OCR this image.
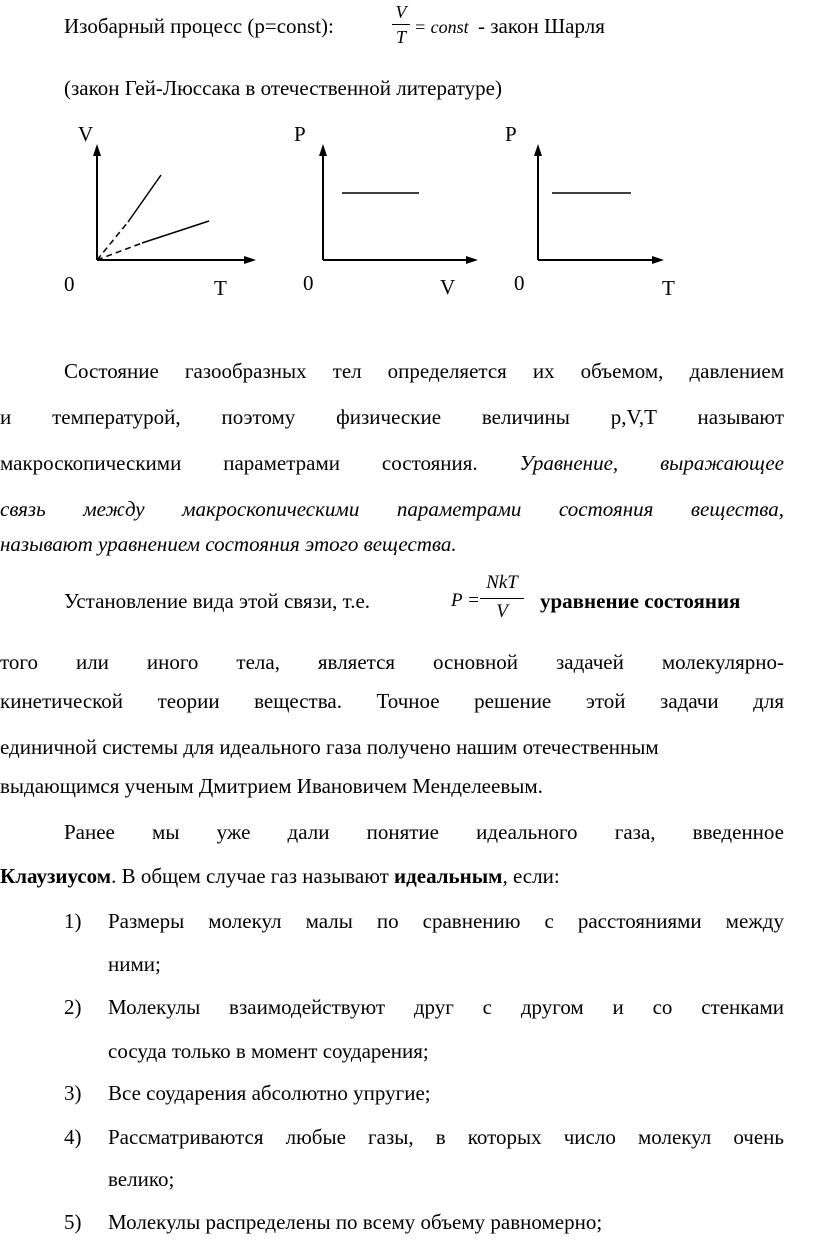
Изобарный процесс (p=const):
V
T = const - закон Шарля
(закон Гей-Люссака в отечественной литературе)
V
0	T
P
0	V
P
0	T
Состояние газообразных тел определяется их объемом, давлением
и температурой, поэтому физические величины p,V,T называют
макроскопическими параметрами состояния. Уравнение, выражающее
связь между макроскопическими параметрами состояния вещества,
называют уравнением состояния этого вещества.
Установление вида этой связи, т.е.	P =
NkT
V	уравнение состояния
того или иного тела, является основной задачей молекулярно-
кинетической теории вещества. Точное решение этой задачи для
единичной системы для идеального газа получено нашим отечественным
выдающимся ученым Дмитрием Ивановичем Менделеевым.
Ранее мы уже дали понятие идеального газа, введенное
Клаузиусом. В общем случае газ называют идеальным, если:
1) Размеры молекул малы по сравнению с расстояниями между
ними;
2) Молекулы взаимодействуют друг с другом и со стенками
сосуда только в момент соударения;
3) Все соударения абсолютно упругие;
4) Рассматриваются любые газы, в которых число молекул очень
велико;
5) Молекулы распределены по всему объему равномерно;
